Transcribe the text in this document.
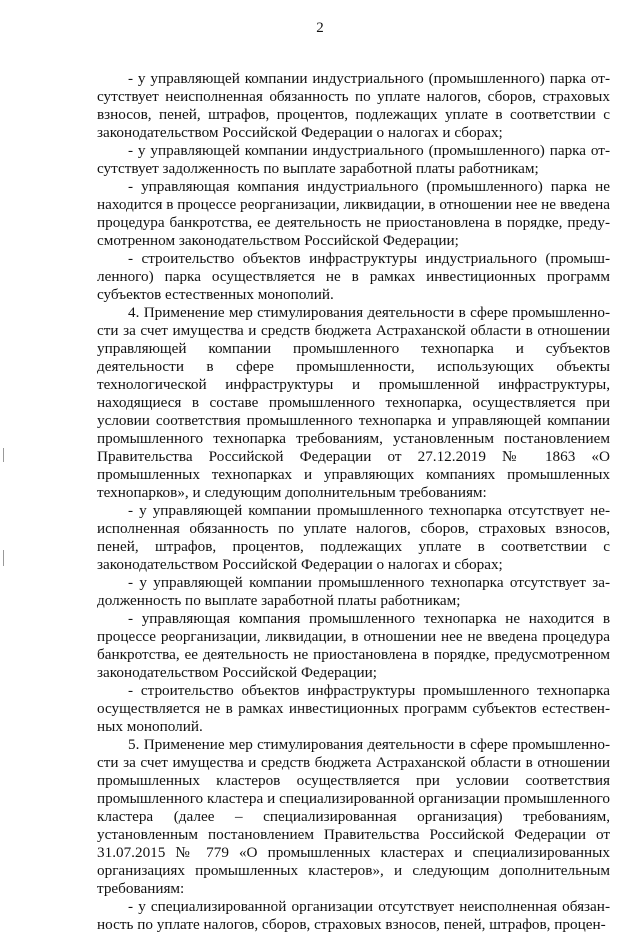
2

- у управляющей компании индустриального (промышленного) парка отсутствует неисполненная обязанность по уплате налогов, сборов, страховых взносов, пеней, штрафов, процентов, подлежащих уплате в соответствии с законодательством Российской Федерации о налогах и сборах;

- у управляющей компании индустриального (промышленного) парка отсутствует задолженность по выплате заработной платы работникам;

- управляющая компания индустриального (промышленного) парка не находится в процессе реорганизации, ликвидации, в отношении нее не введена процедура банкротства, ее деятельность не приостановлена в порядке, предусмотренном законодательством Российской Федерации;

- строительство объектов инфраструктуры индустриального (промышленного) парка осуществляется не в рамках инвестиционных программ субъектов естественных монополий.

4. Применение мер стимулирования деятельности в сфере промышленности за счет имущества и средств бюджета Астраханской области в отношении управляющей компании промышленного технопарка и субъектов деятельности в сфере промышленности, использующих объекты технологической инфраструктуры и промышленной инфраструктуры, находящиеся в составе промышленного технопарка, осуществляется при условии соответствия промышленного технопарка и управляющей компании промышленного технопарка требованиям, установленным постановлением Правительства Российской Федерации от 27.12.2019 № 1863 «О промышленных технопарках и управляющих компаниях промышленных технопарков», и следующим дополнительным требованиям:

- у управляющей компании промышленного технопарка отсутствует неисполненная обязанность по уплате налогов, сборов, страховых взносов, пеней, штрафов, процентов, подлежащих уплате в соответствии с законодательством Российской Федерации о налогах и сборах;

- у управляющей компании промышленного технопарка отсутствует задолженность по выплате заработной платы работникам;

- управляющая компания промышленного технопарка не находится в процессе реорганизации, ликвидации, в отношении нее не введена процедура банкротства, ее деятельность не приостановлена в порядке, предусмотренном законодательством Российской Федерации;

- строительство объектов инфраструктуры промышленного технопарка осуществляется не в рамках инвестиционных программ субъектов естественных монополий.

5. Применение мер стимулирования деятельности в сфере промышленности за счет имущества и средств бюджета Астраханской области в отношении промышленных кластеров осуществляется при условии соответствия промышленного кластера и специализированной организации промышленного кластера (далее – специализированная организация) требованиям, установленным постановлением Правительства Российской Федерации от 31.07.2015 № 779 «О промышленных кластерах и специализированных организациях промышленных кластеров», и следующим дополнительным требованиям:

- у специализированной организации отсутствует неисполненная обязанность по уплате налогов, сборов, страховых взносов, пеней, штрафов, процен-
